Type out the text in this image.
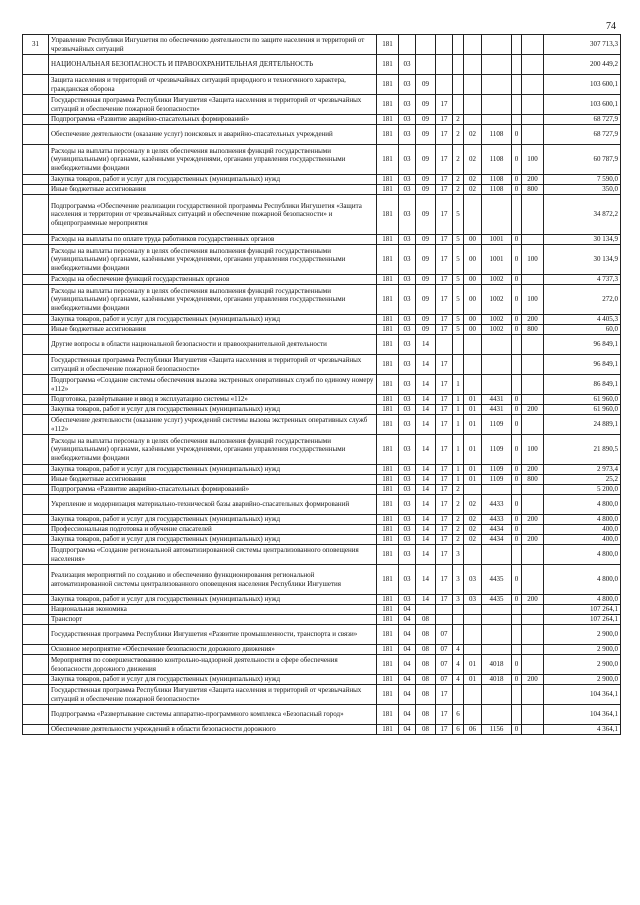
74
31	Управление Республики Ингушетия по обеспечению деятельности по защите населения и территорий от чрезвычайных ситуаций	181									307 713,3
	НАЦИОНАЛЬНАЯ БЕЗОПАСНОСТЬ И ПРАВООХРАНИТЕЛЬНАЯ ДЕЯТЕЛЬНОСТЬ	181	03								200 449,2
	Защита населения и территорий от чрезвычайных ситуаций природного и техногенного характера, гражданская оборона	181	03	09							103 600,1
	Государственная программа Республики Ингушетия «Защита населения и территорий от чрезвычайных ситуаций и обеспечение пожарной безопасности»	181	03	09	17						103 600,1
	Подпрограмма «Развитие аварийно-спасательных формирований»	181	03	09	17	2					68 727,9
	Обеспечение деятельности (оказание услуг) поисковых и аварийно-спасательных учреждений	181	03	09	17	2	02	1108	0		68 727,9
	Расходы на выплаты персоналу в целях обеспечения выполнения функций государственными (муниципальными) органами, казёнными учреждениями, органами управления государственными внебюджетными фондами	181	03	09	17	2	02	1108	0	100	60 787,9
	Закупка товаров, работ и услуг для государственных (муниципальных) нужд	181	03	09	17	2	02	1108	0	200	7 590,0
	Иные бюджетные ассигнования	181	03	09	17	2	02	1108	0	800	350,0
	Подпрограмма «Обеспечение реализации государственной программы Республики Ингушетия «Защита населения и территории от чрезвычайных ситуаций и обеспечение пожарной безопасности» и общепрограммные мероприятия	181	03	09	17	5					34 872,2
	Расходы на выплаты по оплате труда работников государственных органов	181	03	09	17	5	00	1001	0		30 134,9
	Расходы на выплаты персоналу в целях обеспечения выполнения функций государственными (муниципальными) органами, казёнными учреждениями, органами управления государственными внебюджетными фондами	181	03	09	17	5	00	1001	0	100	30 134,9
	Расходы на обеспечение функций государственных органов	181	03	09	17	5	00	1002	0		4 737,3
	Расходы на выплаты персоналу в целях обеспечения выполнения функций государственными (муниципальными) органами, казёнными учреждениями, органами управления государственными внебюджетными фондами	181	03	09	17	5	00	1002	0	100	272,0
	Закупка товаров, работ и услуг для государственных (муниципальных) нужд	181	03	09	17	5	00	1002	0	200	4 405,3
	Иные бюджетные ассигнования	181	03	09	17	5	00	1002	0	800	60,0
	Другие вопросы в области национальной безопасности и правоохранительной деятельности	181	03	14							96 849,1
	Государственная программа Республики Ингушетия «Защита населения и территорий от чрезвычайных ситуаций и обеспечение пожарной безопасности»	181	03	14	17						96 849,1
	Подпрограмма «Создание системы обеспечения вызова экстренных оперативных служб по единому номеру «112»	181	03	14	17	1					86 849,1
	Подготовка, развёртывание и ввод в эксплуатацию системы «112»	181	03	14	17	1	01	4431	0		61 960,0
	Закупка товаров, работ и услуг для государственных (муниципальных) нужд	181	03	14	17	1	01	4431	0	200	61 960,0
	Обеспечение деятельности (оказание услуг) учреждений системы вызова экстренных оперативных служб «112»	181	03	14	17	1	01	1109	0		24 889,1
	Расходы на выплаты персоналу в целях обеспечения выполнения функций государственными (муниципальными) органами, казёнными учреждениями, органами управления государственными внебюджетными фондами	181	03	14	17	1	01	1109	0	100	21 890,5
	Закупка товаров, работ и услуг для государственных (муниципальных) нужд	181	03	14	17	1	01	1109	0	200	2 973,4
	Иные бюджетные ассигнования	181	03	14	17	1	01	1109	0	800	25,2
	Подпрограмма «Развитие аварийно-спасательных формирований»	181	03	14	17	2					5 200,0
	Укрепление и модернизация материально-технической базы аварийно-спасательных формирований	181	03	14	17	2	02	4433	0		4 800,0
	Закупка товаров, работ и услуг для государственных (муниципальных) нужд	181	03	14	17	2	02	4433	0	200	4 800,0
	Профессиональная подготовка и обучение спасателей	181	03	14	17	2	02	4434	0		400,0
	Закупка товаров, работ и услуг для государственных (муниципальных) нужд	181	03	14	17	2	02	4434	0	200	400,0
	Подпрограмма «Создание региональной автоматизированной системы централизованного оповещения населения»	181	03	14	17	3					4 800,0
	Реализация мероприятий по созданию и обеспечению функционирования региональной автоматизированной системы централизованного оповещения населения Республики Ингушетия	181	03	14	17	3	03	4435	0		4 800,0
	Закупка товаров, работ и услуг для государственных (муниципальных) нужд	181	03	14	17	3	03	4435	0	200	4 800,0
	Национальная экономика	181	04								107 264,1
	Транспорт	181	04	08							107 264,1
	Государственная программа Республики Ингушетия «Развитие промышленности, транспорта и связи»	181	04	08	07						2 900,0
	Основное мероприятие «Обеспечение безопасности дорожного движения»	181	04	08	07	4					2 900,0
	Мероприятия по совершенствованию контрольно-надзорной деятельности в сфере обеспечения безопасности дорожного движения	181	04	08	07	4	01	4018	0		2 900,0
	Закупка товаров, работ и услуг для государственных (муниципальных) нужд	181	04	08	07	4	01	4018	0	200	2 900,0
	Государственная программа Республики Ингушетия «Защита населения и территорий от чрезвычайных ситуаций и обеспечение пожарной безопасности»	181	04	08	17						104 364,1
	Подпрограмма «Развертывание системы аппаратно-программного комплекса «Безопасный город»	181	04	08	17	6					104 364,1
	Обеспечение деятельности учреждений в области безопасности дорожного	181	04	08	17	6	06	1156	0		4 364,1
